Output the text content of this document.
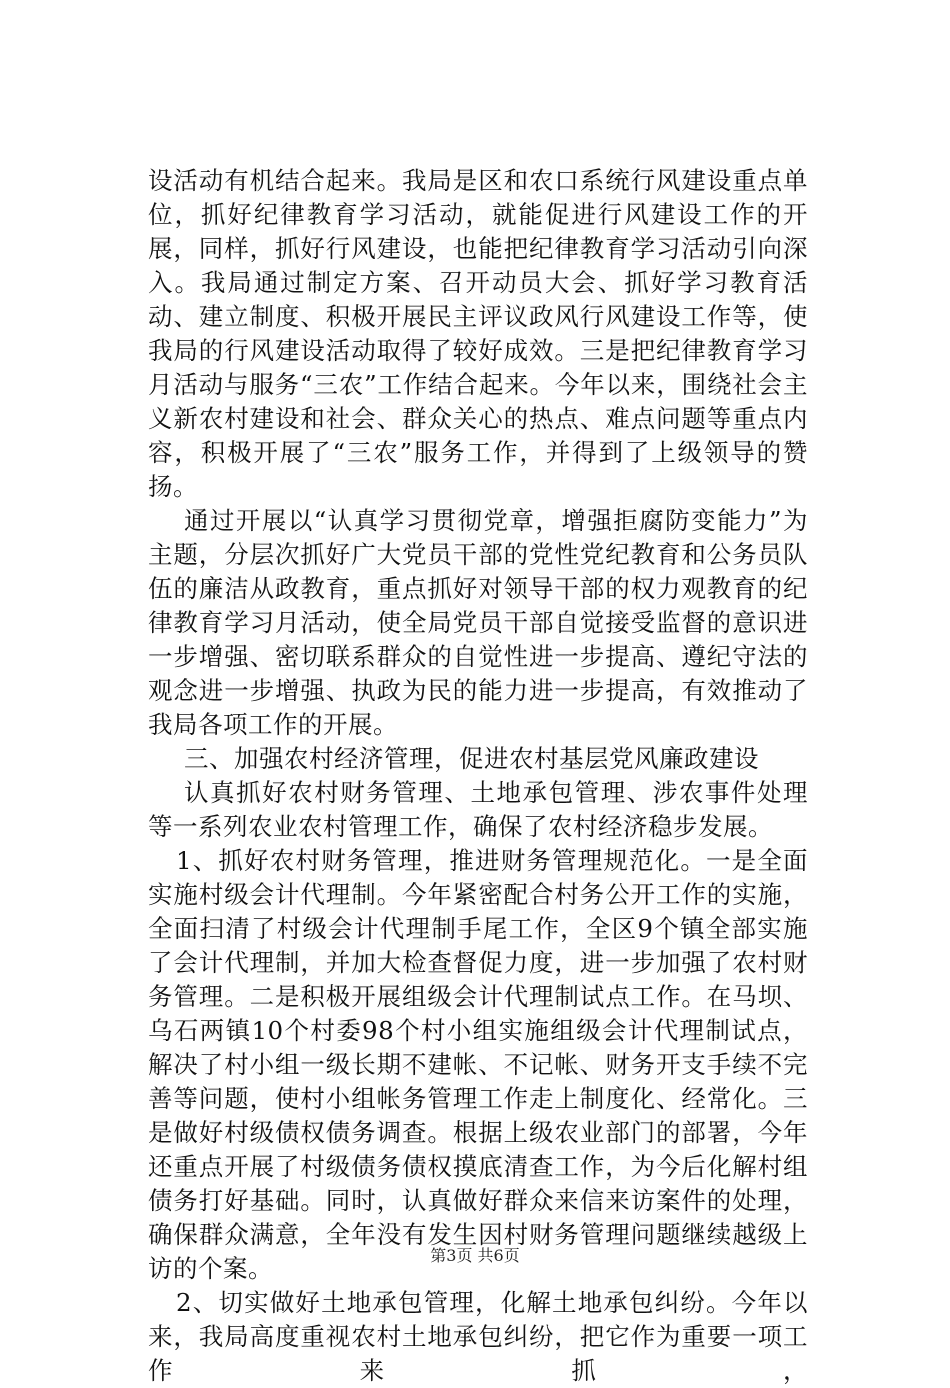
设活动有机结合起来。我局是区和农口系统行风建设重点单位，抓好纪律教育学习活动，就能促进行风建设工作的开展，同样，抓好行风建设，也能把纪律教育学习活动引向深入。我局通过制定方案、召开动员大会、抓好学习教育活动、建立制度、积极开展民主评议政风行风建设工作等，使我局的行风建设活动取得了较好成效。三是把纪律教育学习月活动与服务“三农”工作结合起来。今年以来，围绕社会主义新农村建设和社会、群众关心的热点、难点问题等重点内容，积极开展了“三农”服务工作，并得到了上级领导的赞扬。

通过开展以“认真学习贯彻党章，增强拒腐防变能力”为主题，分层次抓好广大党员干部的党性党纪教育和公务员队伍的廉洁从政教育，重点抓好对领导干部的权力观教育的纪律教育学习月活动，使全局党员干部自觉接受监督的意识进一步增强、密切联系群众的自觉性进一步提高、遵纪守法的观念进一步增强、执政为民的能力进一步提高，有效推动了我局各项工作的开展。

三、加强农村经济管理，促进农村基层党风廉政建设

认真抓好农村财务管理、土地承包管理、涉农事件处理等一系列农业农村管理工作，确保了农村经济稳步发展。

1、抓好农村财务管理，推进财务管理规范化。一是全面实施村级会计代理制。今年紧密配合村务公开工作的实施，全面扫清了村级会计代理制手尾工作，全区9个镇全部实施了会计代理制，并加大检查督促力度，进一步加强了农村财务管理。二是积极开展组级会计代理制试点工作。在马坝、乌石两镇10个村委98个村小组实施组级会计代理制试点，解决了村小组一级长期不建帐、不记帐、财务开支手续不完善等问题，使村小组帐务管理工作走上制度化、经常化。三是做好村级债权债务调查。根据上级农业部门的部署，今年还重点开展了村级债务债权摸底清查工作，为今后化解村组债务打好基础。同时，认真做好群众来信来访案件的处理，确保群众满意，全年没有发生因村财务管理问题继续越级上访的个案。

2、切实做好土地承包管理，化解土地承包纠纷。今年以来，我局高度重视农村土地承包纠纷，把它作为重要一项工作来抓，

第3页 共6页
